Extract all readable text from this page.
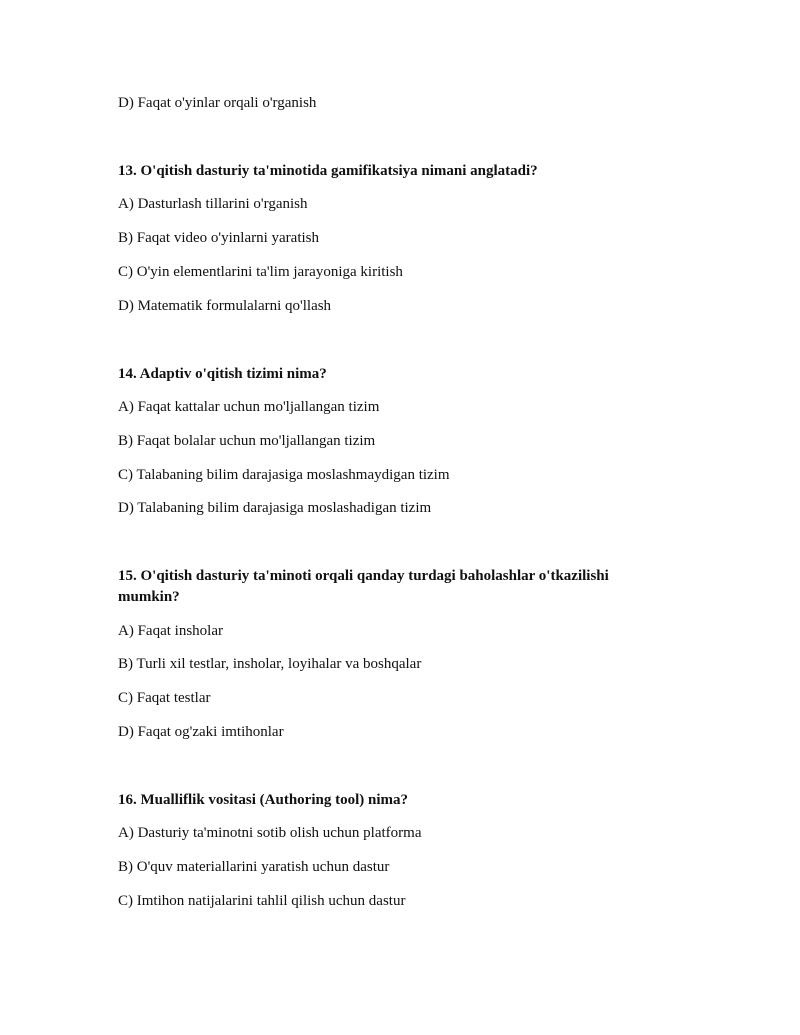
D) Faqat o'yinlar orqali o'rganish
13. O'qitish dasturiy ta'minotida gamifikatsiya nimani anglatadi?
A) Dasturlash tillarini o'rganish
B) Faqat video o'yinlarni yaratish
C) O'yin elementlarini ta'lim jarayoniga kiritish
D) Matematik formulalarni qo'llash
14. Adaptiv o'qitish tizimi nima?
A) Faqat kattalar uchun mo'ljallangan tizim
B) Faqat bolalar uchun mo'ljallangan tizim
C) Talabaning bilim darajasiga moslashmaydigan tizim
D) Talabaning bilim darajasiga moslashadigan tizim
15. O'qitish dasturiy ta'minoti orqali qanday turdagi baholashlar o'tkazilishi
mumkin?
A) Faqat insholar
B) Turli xil testlar, insholar, loyihalar va boshqalar
C) Faqat testlar
D) Faqat og'zaki imtihonlar
16. Mualliflik vositasi (Authoring tool) nima?
A) Dasturiy ta'minotni sotib olish uchun platforma
B) O'quv materiallarini yaratish uchun dastur
C) Imtihon natijalarini tahlil qilish uchun dastur
